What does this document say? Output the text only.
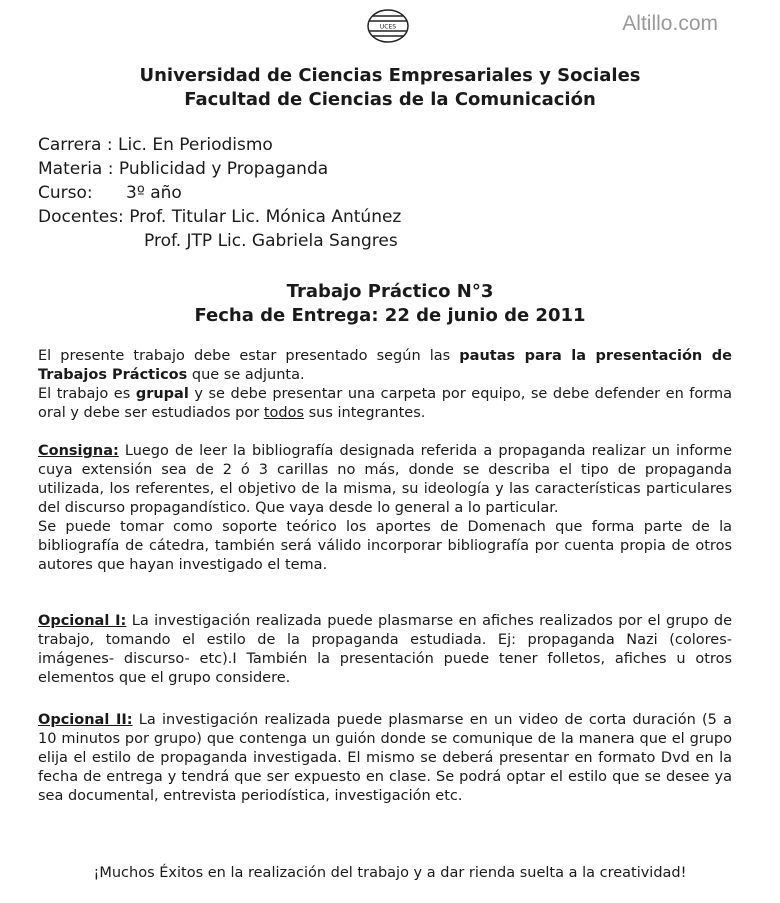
Altillo.com
UCES
Universidad de Ciencias Empresariales y Sociales
Facultad de Ciencias de la Comunicación
Carrera :
Lic. En Periodismo
Materia :
Publicidad y Propaganda
Curso:	3º año
Docentes:
Prof. Titular Lic. Mónica Antúnez
Prof. JTP Lic. Gabriela Sangres
Trabajo Práctico N°3
Fecha de Entrega: 22 de junio de 2011
El presente trabajo debe estar presentado según las pautas para la presentación de Trabajos Prácticos que se adjunta.
El trabajo es grupal y se debe presentar una carpeta por equipo, se debe defender en forma oral y debe ser estudiados por todos sus integrantes.
Consigna: Luego de leer la bibliografía designada referida a propaganda realizar un informe cuya extensión sea de 2 ó 3 carillas no más, donde se describa el tipo de propaganda utilizada, los referentes, el objetivo de la misma, su ideología y las características particulares del discurso propagandístico. Que vaya desde lo general a lo particular.
Se puede tomar como soporte teórico los aportes de Domenach que forma parte de la bibliografía de cátedra, también será válido incorporar bibliografía por cuenta propia de otros autores que hayan investigado el tema.
Opcional I: La investigación realizada puede plasmarse en afiches realizados por el grupo de trabajo, tomando el estilo de la propaganda estudiada. Ej: propaganda Nazi (colores- imágenes- discurso- etc).I También la presentación puede tener folletos, afiches u otros elementos que el grupo considere.
Opcional II: La investigación realizada puede plasmarse en un video de corta duración (5 a 10 minutos por grupo) que contenga un guión donde se comunique de la manera que el grupo elija el estilo de propaganda investigada. El mismo se deberá presentar en formato Dvd en la fecha de entrega y tendrá que ser expuesto en clase. Se podrá optar el estilo que se desee ya sea documental, entrevista periodística, investigación etc.
¡Muchos Éxitos en la realización del trabajo y a dar rienda suelta a la creatividad!
